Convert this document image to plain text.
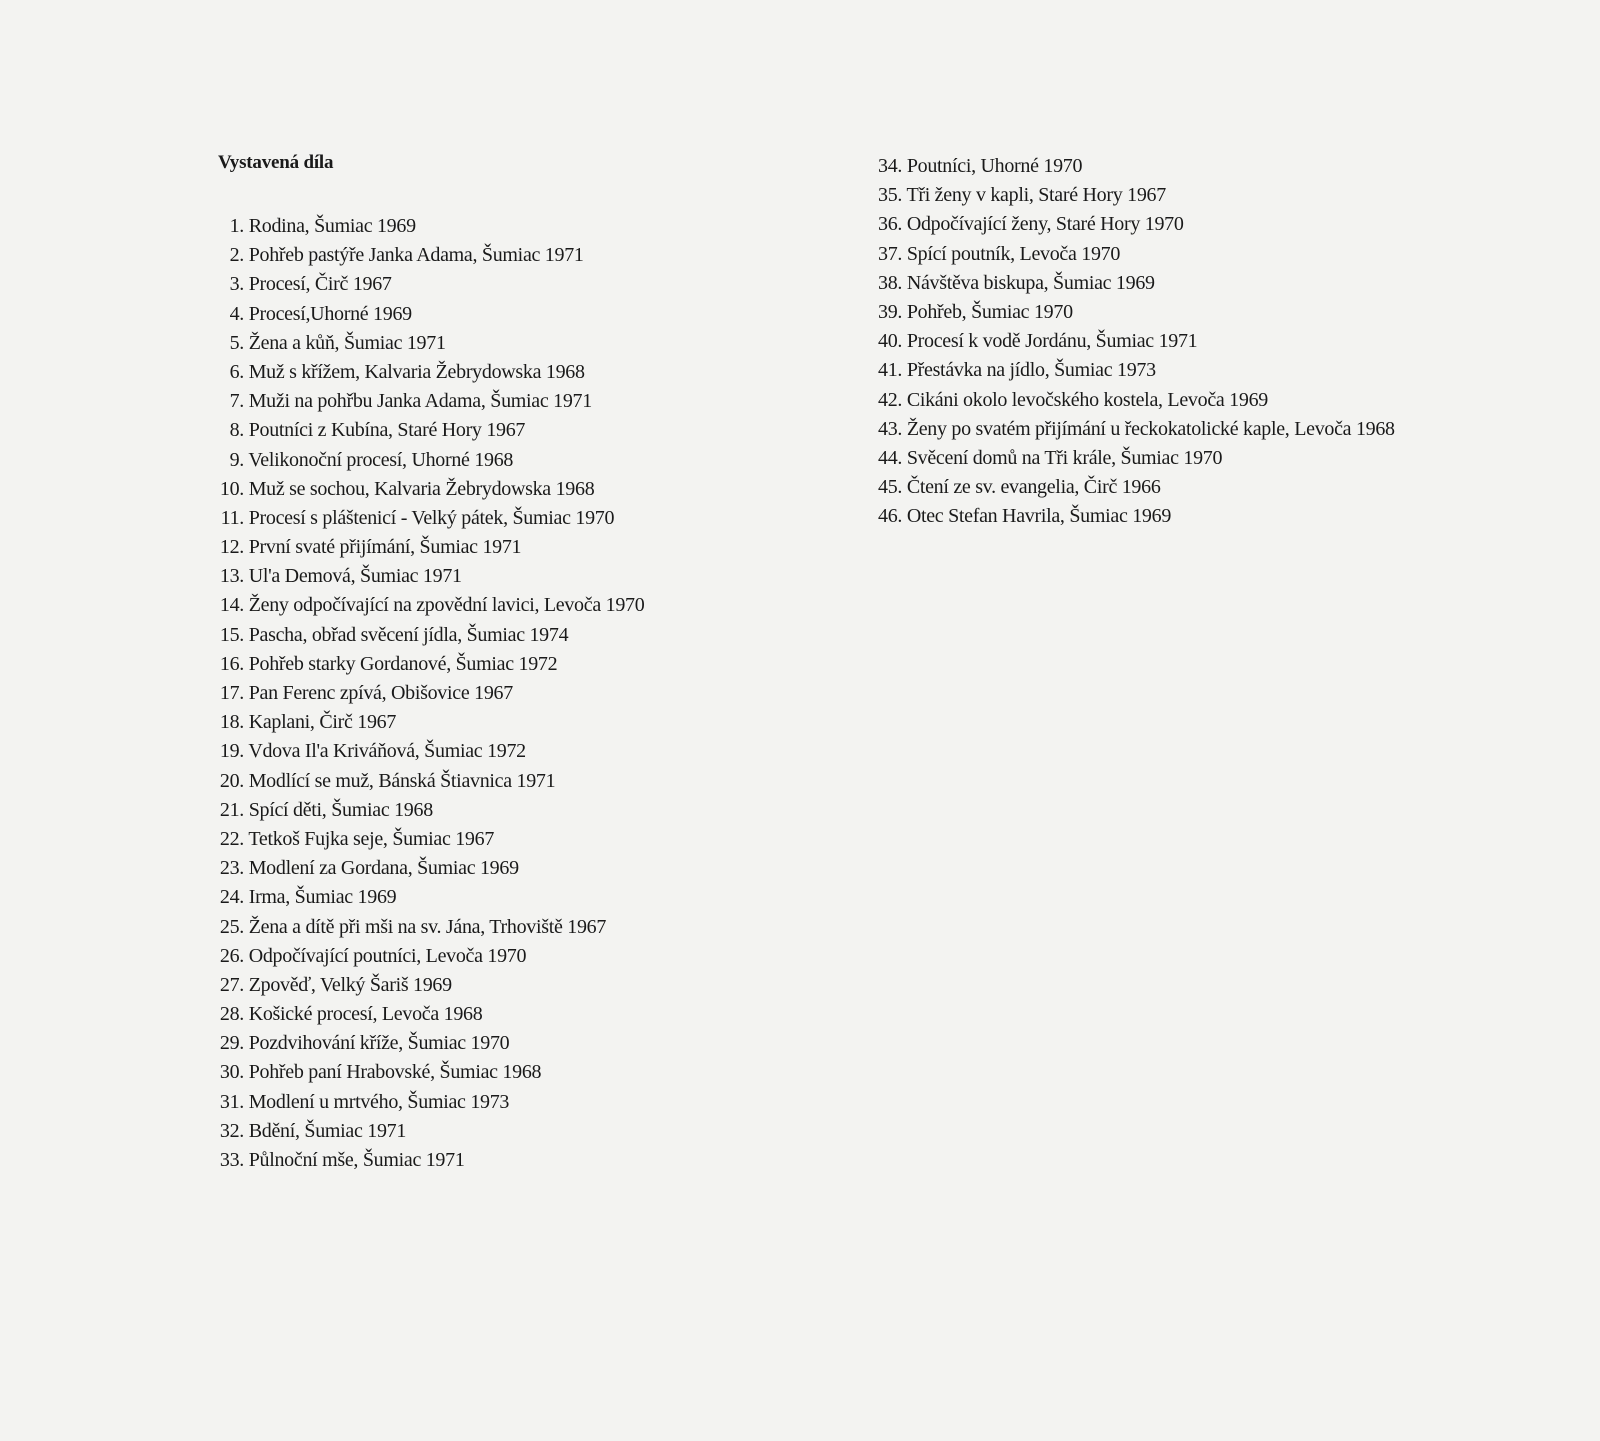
Vystavená díla
1. Rodina, Šumiac 1969
2. Pohřeb pastýře Janka Adama, Šumiac 1971
3. Procesí, Čirč 1967
4. Procesí,Uhorné 1969
5. Žena a kůň, Šumiac 1971
6. Muž s křížem, Kalvaria Žebrydowska 1968
7. Muži na pohřbu Janka Adama, Šumiac 1971
8. Poutníci z Kubína, Staré Hory 1967
9. Velikonoční procesí, Uhorné 1968
10. Muž se sochou, Kalvaria Žebrydowska 1968
11. Procesí s pláštenicí - Velký pátek, Šumiac 1970
12. První svaté přijímání, Šumiac 1971
13. Ul'a Demová, Šumiac 1971
14. Ženy odpočívající na zpovědní lavici, Levoča 1970
15. Pascha, obřad svěcení jídla, Šumiac 1974
16. Pohřeb starky Gordanové, Šumiac 1972
17. Pan Ferenc zpívá, Obišovice 1967
18. Kaplani, Čirč 1967
19. Vdova Il'a Kriváňová, Šumiac 1972
20. Modlící se muž, Bánská Štiavnica 1971
21. Spící děti, Šumiac 1968
22. Tetkoš Fujka seje, Šumiac 1967
23. Modlení za Gordana, Šumiac 1969
24. Irma, Šumiac 1969
25. Žena a dítě při mši na sv. Jána, Trhoviště 1967
26. Odpočívající poutníci, Levoča 1970
27. Zpověď, Velký Šariš 1969
28. Košické procesí, Levoča 1968
29. Pozdvihování kříže, Šumiac 1970
30. Pohřeb paní Hrabovské, Šumiac 1968
31. Modlení u mrtvého, Šumiac 1973
32. Bdění, Šumiac 1971
33. Půlnoční mše, Šumiac 1971
34. Poutníci, Uhorné 1970
35. Tři ženy v kapli, Staré Hory 1967
36. Odpočívající ženy, Staré Hory 1970
37. Spící poutník, Levoča 1970
38. Návštěva biskupa, Šumiac 1969
39. Pohřeb, Šumiac 1970
40. Procesí k vodě Jordánu, Šumiac 1971
41. Přestávka na jídlo, Šumiac 1973
42. Cikáni okolo levočského kostela, Levoča 1969
43. Ženy po svatém přijímání u řeckokatolické kaple, Levoča 1968
44. Svěcení domů na Tři krále, Šumiac 1970
45. Čtení ze sv. evangelia, Čirč 1966
46. Otec Stefan Havrila, Šumiac 1969
